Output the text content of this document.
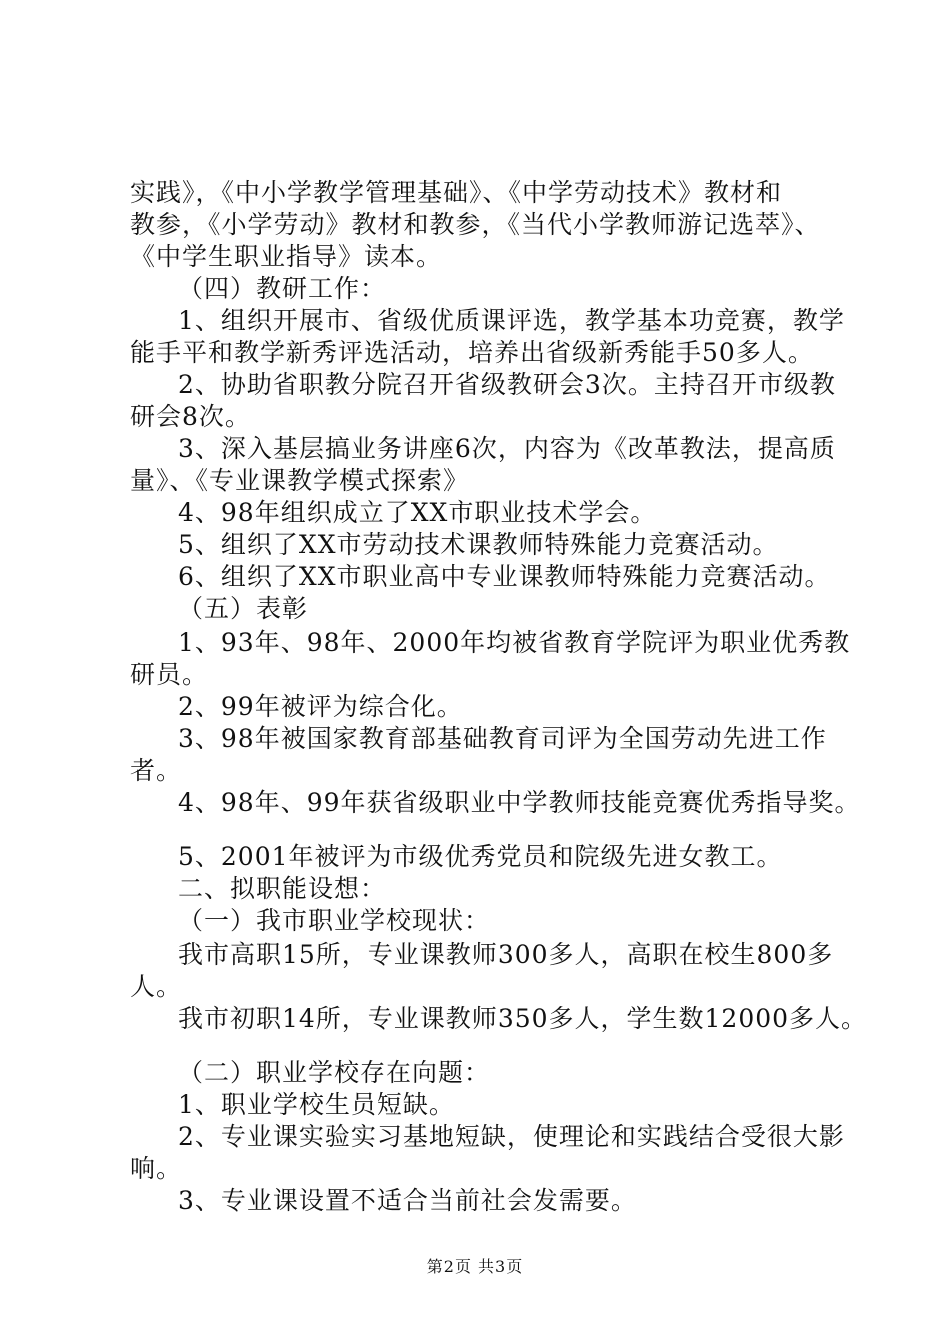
实践》，《中小学教学管理基础》、《中学劳动技术》教材和
教参，《小学劳动》教材和教参，《当代小学教师游记选萃》、
《中学生职业指导》读本。
（四）教研工作：
1、组织开展市、省级优质课评选，教学基本功竞赛，教学
能手平和教学新秀评选活动，培养出省级新秀能手50多人。
2、协助省职教分院召开省级教研会3次。主持召开市级教
研会8次。
3、深入基层搞业务讲座6次，内容为《改革教法，提高质
量》、《专业课教学模式探索》
4、98年组织成立了XX市职业技术学会。
5、组织了XX市劳动技术课教师特殊能力竞赛活动。
6、组织了XX市职业高中专业课教师特殊能力竞赛活动。
（五）表彰
1、93年、98年、2000年均被省教育学院评为职业优秀教
研员。
2、99年被评为综合化。
3、98年被国家教育部基础教育司评为全国劳动先进工作
者。
4、98年、99年获省级职业中学教师技能竞赛优秀指导奖。
5、2001年被评为市级优秀党员和院级先进女教工。
二、拟职能设想：
（一）我市职业学校现状：
我市高职15所，专业课教师300多人，高职在校生800多
人。
我市初职14所，专业课教师350多人，学生数12000多人。
（二）职业学校存在向题：
1、职业学校生员短缺。
2、专业课实验实习基地短缺，使理论和实践结合受很大影
响。
3、专业课设置不适合当前社会发需要。
第2页 共3页
